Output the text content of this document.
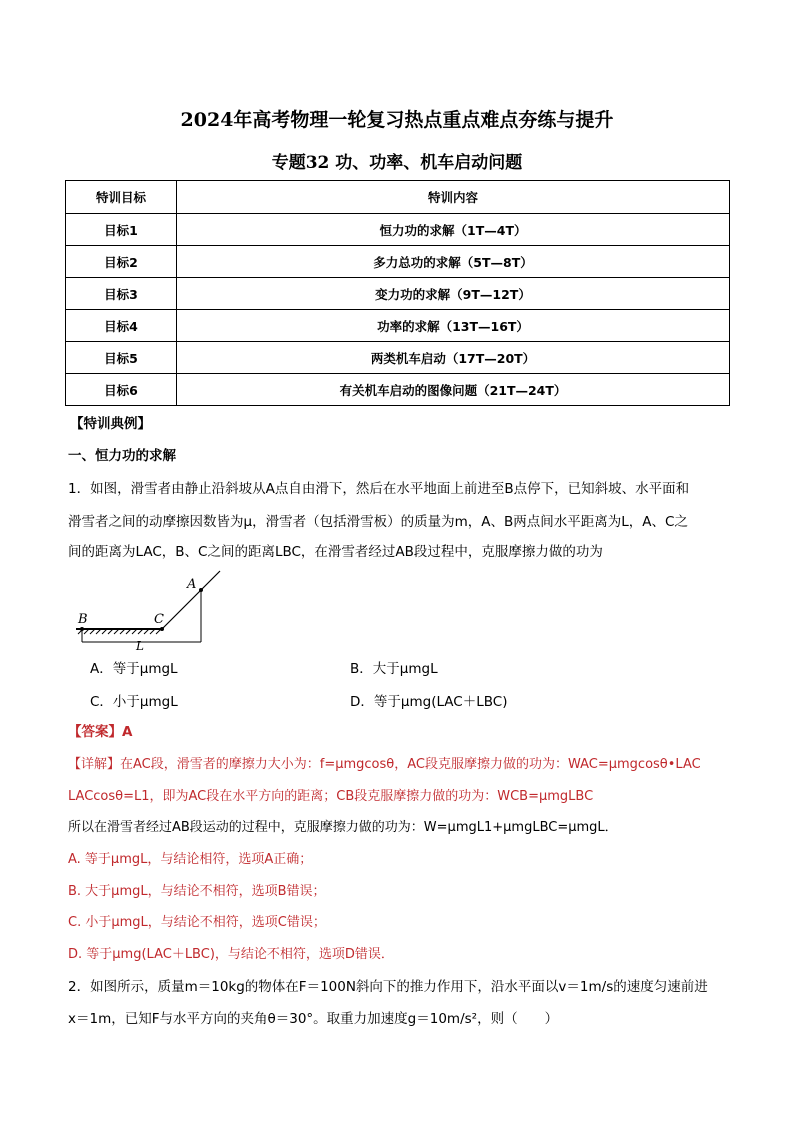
2024年高考物理一轮复习热点重点难点夯练与提升
专题32 功、功率、机车启动问题
特训目标	特训内容
目标1	恒力功的求解（1T—4T）
目标2	多力总功的求解（5T—8T）
目标3	变力功的求解（9T—12T）
目标4	功率的求解（13T—16T）
目标5	两类机车启动（17T—20T）
目标6	有关机车启动的图像问题（21T—24T）
【特训典例】
一、恒力功的求解
1．如图，滑雪者由静止沿斜坡从A点自由滑下，然后在水平地面上前进至B点停下，已知斜坡、水平面和
滑雪者之间的动摩擦因数皆为μ，滑雪者（包括滑雪板）的质量为m，A、B两点间水平距离为L，A、C之
间的距离为LAC，B、C之间的距离LBC，在滑雪者经过AB段过程中，克服摩擦力做的功为
A
B	C
L
A．等于μmgL	B．大于μmgL
C．小于μmgL	D．等于μmg(LAC＋LBC)
【答案】A
【详解】在AC段，滑雪者的摩擦力大小为：f=μmgcosθ，AC段克服摩擦力做的功为：WAC=μmgcosθ•LAC
LACcosθ=L1，即为AC段在水平方向的距离；CB段克服摩擦力做的功为：WCB=μmgLBC
所以在滑雪者经过AB段运动的过程中，克服摩擦力做的功为：W=μmgL1+μmgLBC=μmgL．
A. 等于μmgL，与结论相符，选项A正确；
B. 大于μmgL，与结论不相符，选项B错误；
C. 小于μmgL，与结论不相符，选项C错误；
D. 等于μmg(LAC＋LBC)，与结论不相符，选项D错误．
2．如图所示，质量m＝10kg的物体在F＝100N斜向下的推力作用下，沿水平面以v＝1m/s的速度匀速前进
x＝1m，已知F与水平方向的夹角θ＝30°。取重力加速度g＝10m/s²，则（　　）
